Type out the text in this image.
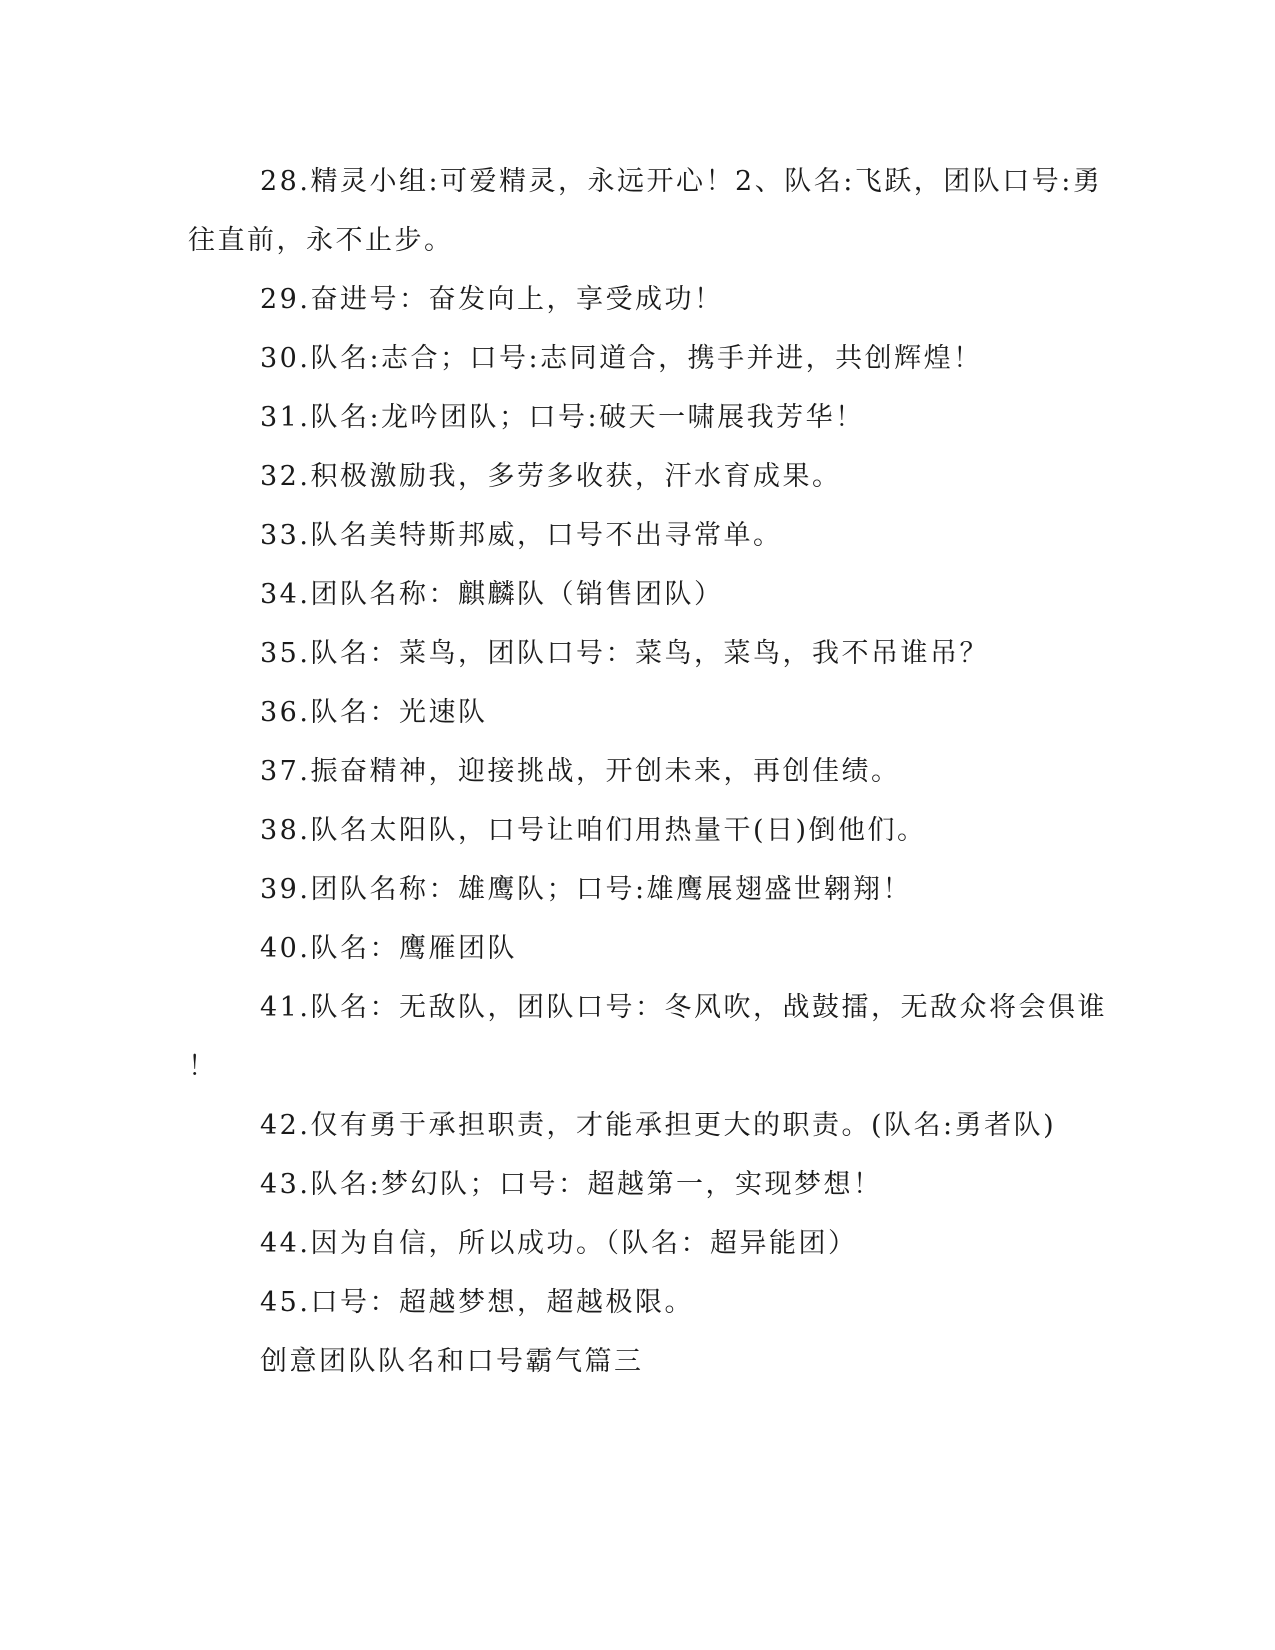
28.精灵小组:可爱精灵，永远开心！2、队名:飞跃，团队口号:勇
往直前，永不止步。
29.奋进号：奋发向上，享受成功！
30.队名:志合；口号:志同道合，携手并进，共创辉煌！
31.队名:龙吟团队；口号:破天一啸展我芳华！
32.积极激励我，多劳多收获，汗水育成果。
33.队名美特斯邦威，口号不出寻常单。
34.团队名称：麒麟队（销售团队）
35.队名：菜鸟，团队口号：菜鸟，菜鸟，我不吊谁吊？
36.队名：光速队
37.振奋精神，迎接挑战，开创未来，再创佳绩。
38.队名太阳队，口号让咱们用热量干(日)倒他们。
39.团队名称：雄鹰队；口号:雄鹰展翅盛世翱翔！
40.队名：鹰雁团队
41.队名：无敌队，团队口号：冬风吹，战鼓擂，无敌众将会俱谁
！
42.仅有勇于承担职责，才能承担更大的职责。(队名:勇者队)
43.队名:梦幻队；口号：超越第一，实现梦想！
44.因为自信，所以成功。（队名：超异能团）
45.口号：超越梦想，超越极限。
创意团队队名和口号霸气篇三
